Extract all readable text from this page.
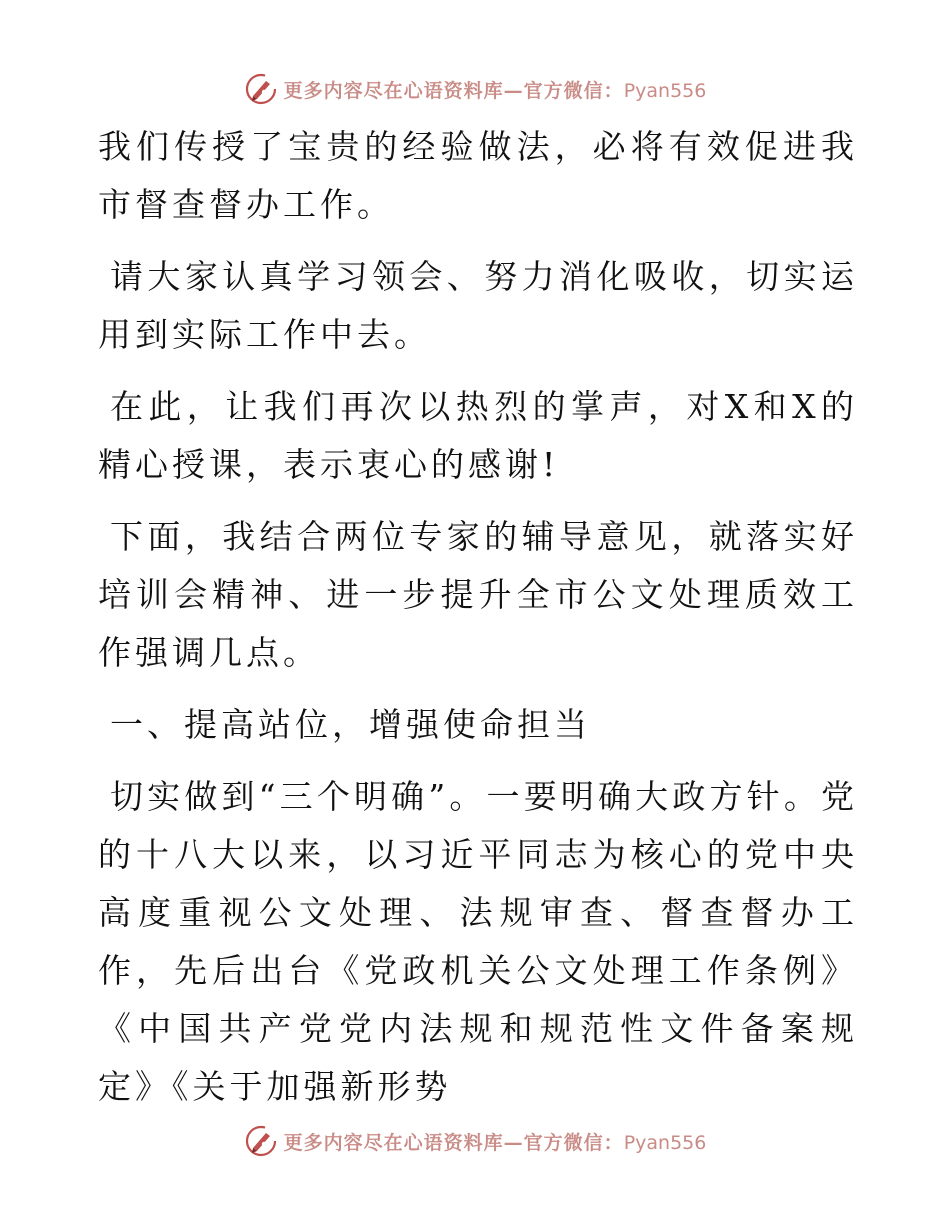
更多内容尽在心语资料库—官方微信：Pyan556

我们传授了宝贵的经验做法，必将有效促进我市督查督办工作。

请大家认真学习领会、努力消化吸收，切实运用到实际工作中去。

在此，让我们再次以热烈的掌声，对X和X的精心授课，表示衷心的感谢!

下面，我结合两位专家的辅导意见，就落实好培训会精神、进一步提升全市公文处理质效工作强调几点。

一、提高站位，增强使命担当

切实做到“三个明确”。一要明确大政方针。党的十八大以来，以习近平同志为核心的党中央高度重视公文处理、法规审查、督查督办工作，先后出台《党政机关公文处理工作条例》《中国共产党党内法规和规范性文件备案规定》《关于加强新形势

更多内容尽在心语资料库—官方微信：Pyan556
